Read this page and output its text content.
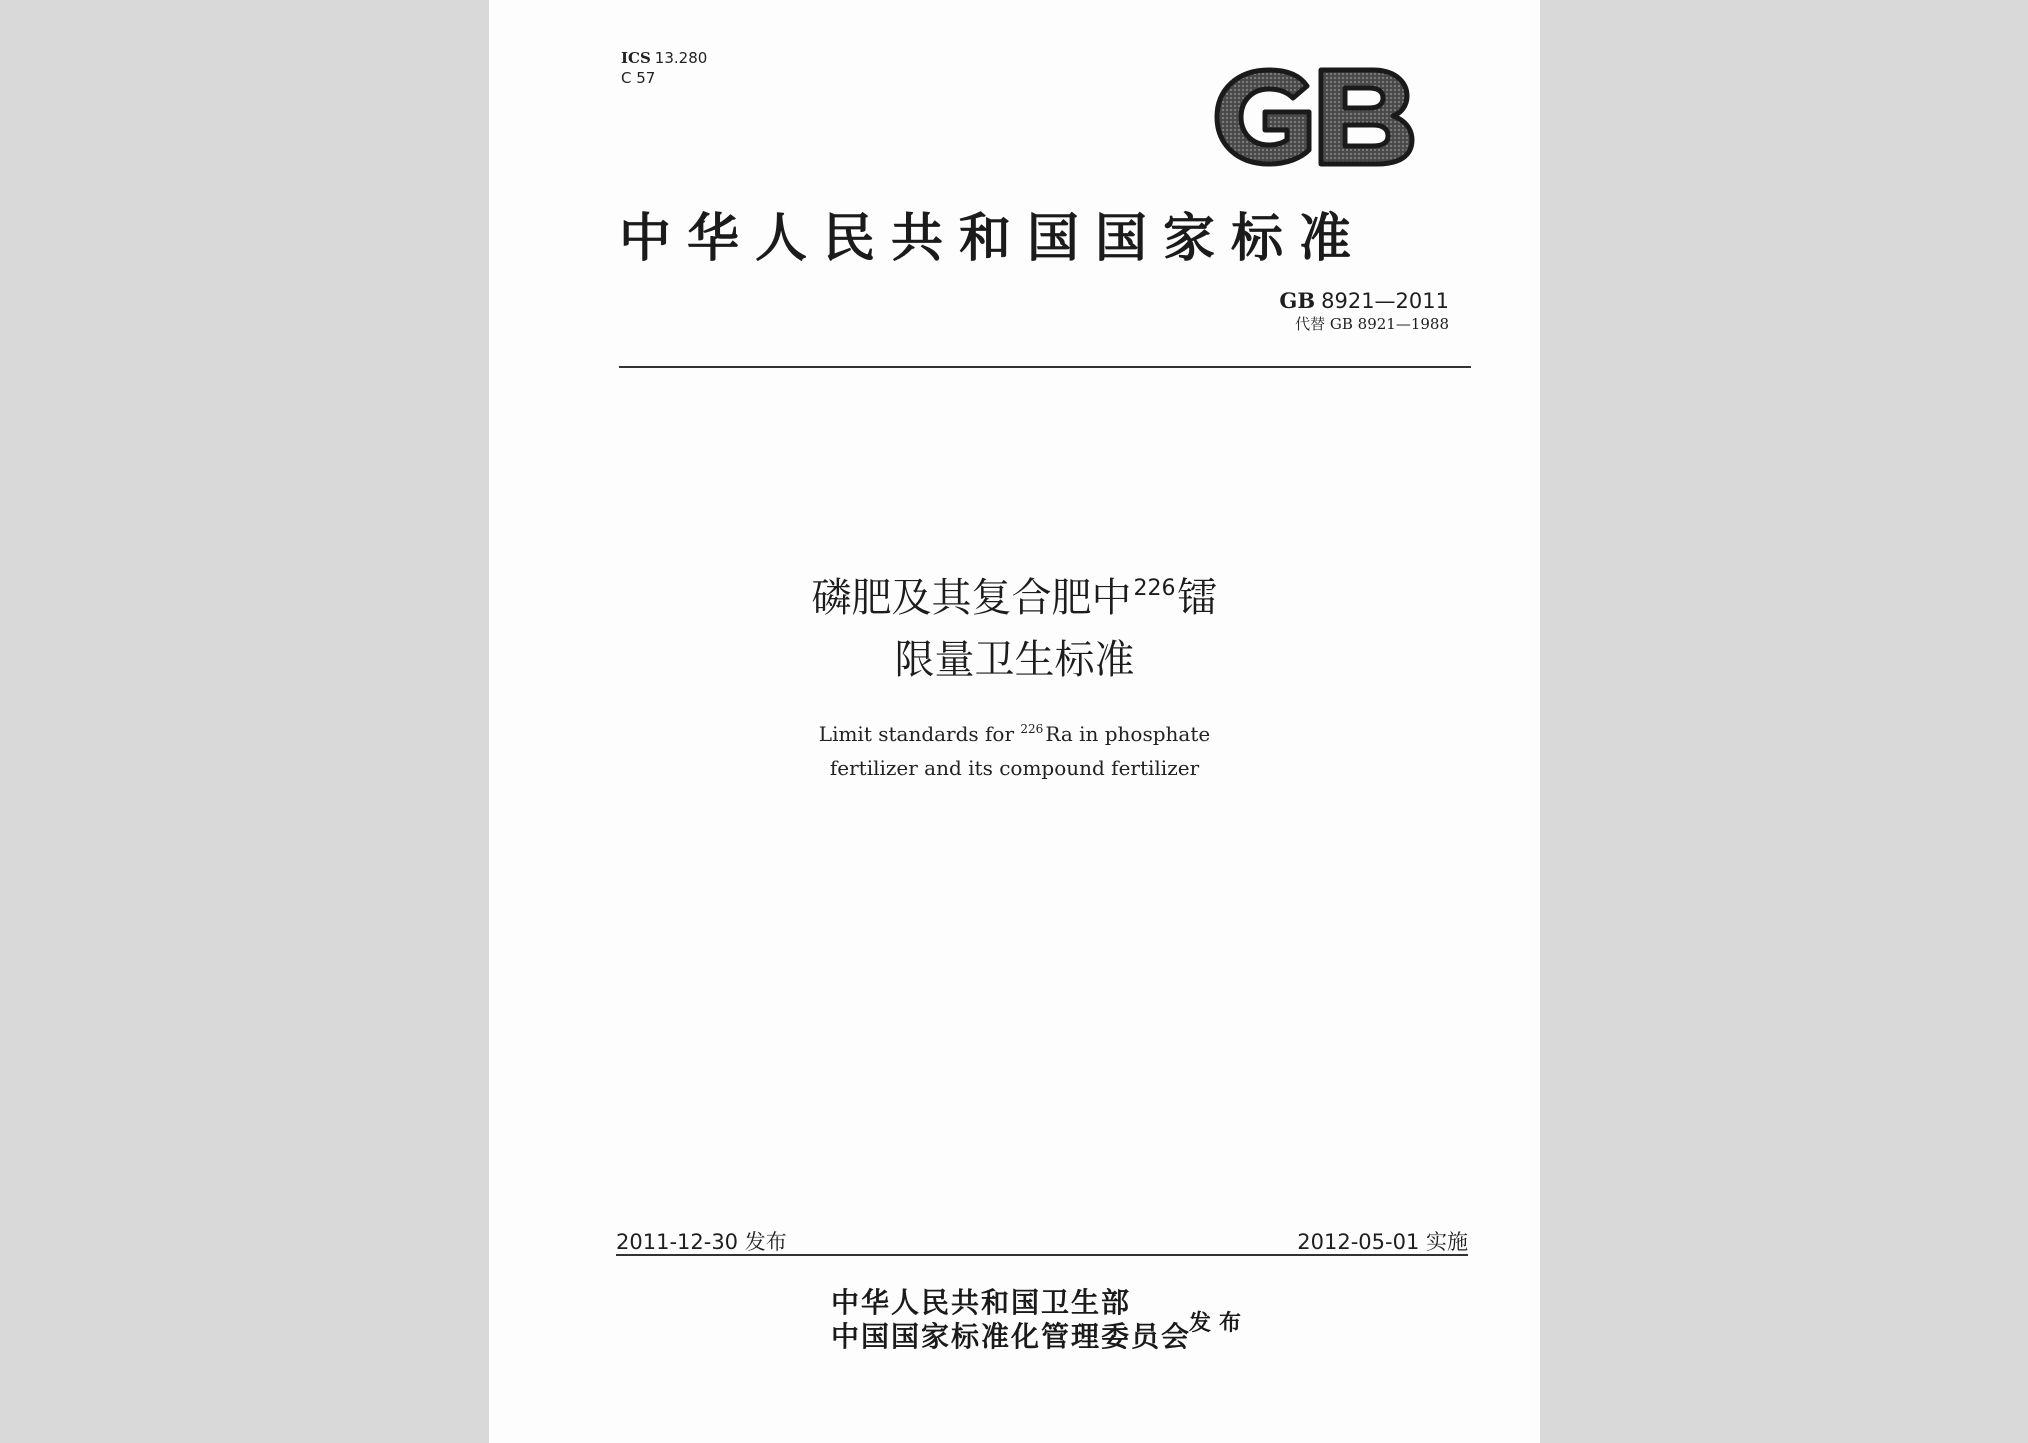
ICS 13.280
C 57
中华人民共和国国家标准
GB 8921—2011
代替 GB 8921—1988
磷肥及其复合肥中$^{226}$镭
限量卫生标准
Limit standards for $^{226}$ Ra in phosphate
fertilizer and its compound fertilizer
2011-12-30 发布	2012-05-01 实施
中华人民共和国卫生部
中国国家标准化管理委员会
发布
